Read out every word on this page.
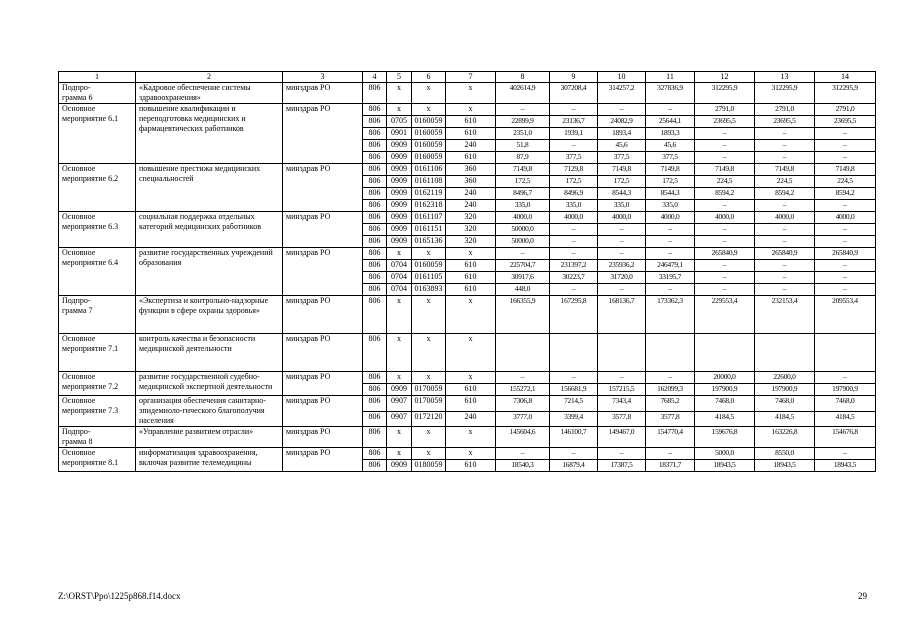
1	2	3	4	5	6	7	8	9	10	11	12	13	14
Подпро-
грамма 6	«Кадровое обеспечение системы здравоохранения»	минздрав РО	806	х	х	х	402614,9	307208,4	314257,2	327836,9	312295,9	312295,9	312295,9
Основное мероприятие 6.1	повышение квалификации и переподготовка медицинских и фармацевтических работников	минздрав РО	806	х	х	х	–	–	–	–	2791,0	2791,0	2791,0
			806	0705	0160059	610	22899,9	23136,7	24082,9	25644,1	23695,5	23695,5	23695,5
			806	0901	0160059	610	2351,0	1939,1	1893,4	1893,3	–	–	–
			806	0909	0160059	240	51,8	–	45,6	45,6	–	–	–
			806	0909	0160059	610	87,9	377,5	377,5	377,5	–	–	–
Основное мероприятие 6.2	повышение престижа медицинских специальностей	минздрав РО	806	0909	0161106	360	7149,8	7129,8	7149,8	7149,8	7149,8	7149,8	7149,8
			806	0909	0161108	360	172,5	172,5	172,5	172,5	224,5	224,5	224,5
			806	0909	0162119	240	8496,7	8496,9	8544,3	8544,3	8594,2	8594,2	8594,2
			806	0909	0162318	240	335,0	335,0	335,0	335,0	–	–	–
Основное мероприятие 6.3	социальная поддержка отдельных категорий медицинских работников	минздрав РО	806	0909	0161107	320	4000,0	4000,0	4000,0	4000,0	4000,0	4000,0	4000,0
			806	0909	0161151	320	50000,0	–	–	–	–	–	–
			806	0909	0165136	320	50000,0	–	–	–	–	–	–
Основное мероприятие 6.4	развитие государственных учреждений образования	минздрав РО	806	х	х	х	–	–	–	–	265840,9	265840,9	265840,9
			806	0704	0160059	610	225704,7	231397,2	235936,2	246479,1	–	–	–
			806	0704	0161105	610	30917,6	30223,7	31720,0	33195,7	–	–	–
			806	0704	0163893	610	448,0	–	–	–	–	–	–
Подпро-
грамма 7	«Экспертиза и контрольно-надзорные функции в сфере охраны здоровья»	минздрав РО	806	х	х	х	166355,9	167295,8	168136,7	173362,3	229553,4	232153,4	209553,4
Основное мероприятие 7.1	контроль качества и безопасности медицинской деятельности	минздрав РО	806	х	х	х							
Основное мероприятие 7.2	развитие государственной судебно-медицинской экспертной деятельности	минздрав РО	806	х	х	х	–	–	–	–	20000,0	22600,0	–
			806	0909	0170059	610	155272,1	156681,9	157215,5	162099,3	197900,9	197900,9	197900,9
Основное мероприятие 7.3	организация обеспечения санитарно-эпидемиоло-гического благополучия населения	минздрав РО	806	0907	0170059	610	7306,8	7214,5	7343,4	7685,2	7468,0	7468,0	7468,0
			806	0907	0172120	240	3777,0	3399,4	3577,8	3577,8	4184,5	4184,5	4184,5
Подпро-
грамма 8	«Управление развитием отрасли»	минздрав РО	806	х	х	х	145604,6	146100,7	149467,0	154770,4	159676,8	163226,8	154676,8
Основное мероприятие 8.1	информатизация здравоохранения, включая развитие телемедицины	минздрав РО	806	х	х	х	–	–	–	–	5000,0	8550,0	–
			806	0909	0180059	610	18540,3	16879,4	17387,5	18371,7	18943,5	18943,5	18943,5
Z:\ORST\Ppo\1225p868.f14.docx	29
